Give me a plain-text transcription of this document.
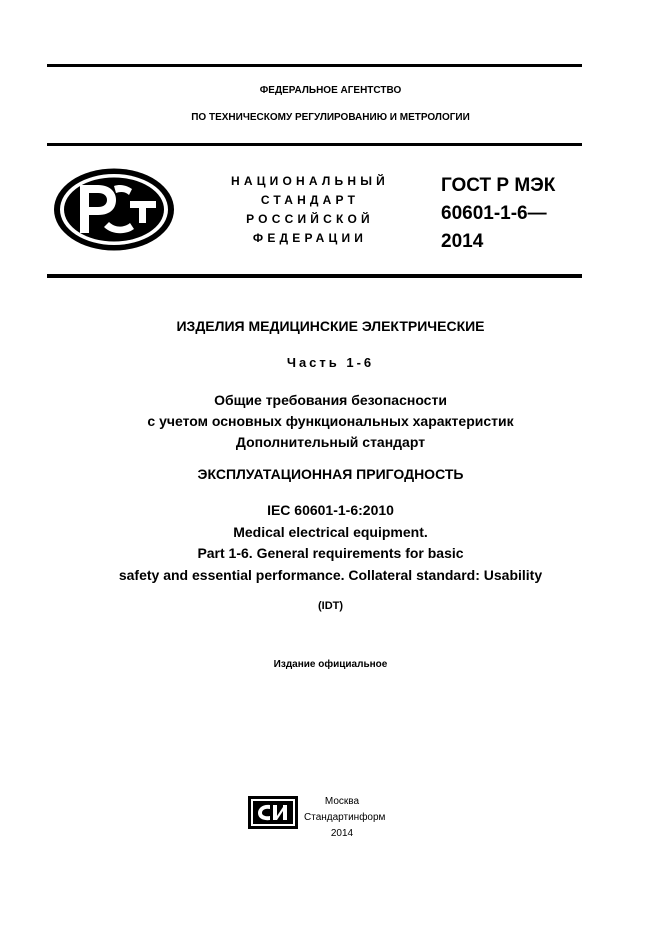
ФЕДЕРАЛЬНОЕ АГЕНТСТВО
ПО ТЕХНИЧЕСКОМУ РЕГУЛИРОВАНИЮ И МЕТРОЛОГИИ
НАЦИОНАЛЬНЫЙ
СТАНДАРТ
РОССИЙСКОЙ
ФЕДЕРАЦИИ
ГОСТ Р МЭК
60601-1-6—
2014
ИЗДЕЛИЯ МЕДИЦИНСКИЕ ЭЛЕКТРИЧЕСКИЕ
Часть 1-6
Общие требования безопасности
с учетом основных функциональных характеристик
Дополнительный стандарт
ЭКСПЛУАТАЦИОННАЯ ПРИГОДНОСТЬ
IEC 60601-1-6:2010
Medical electrical equipment.
Part 1-6. General requirements for basic
safety and essential performance. Collateral standard: Usability
(IDT)
Издание официальное
Москва
Стандартинформ
2014
